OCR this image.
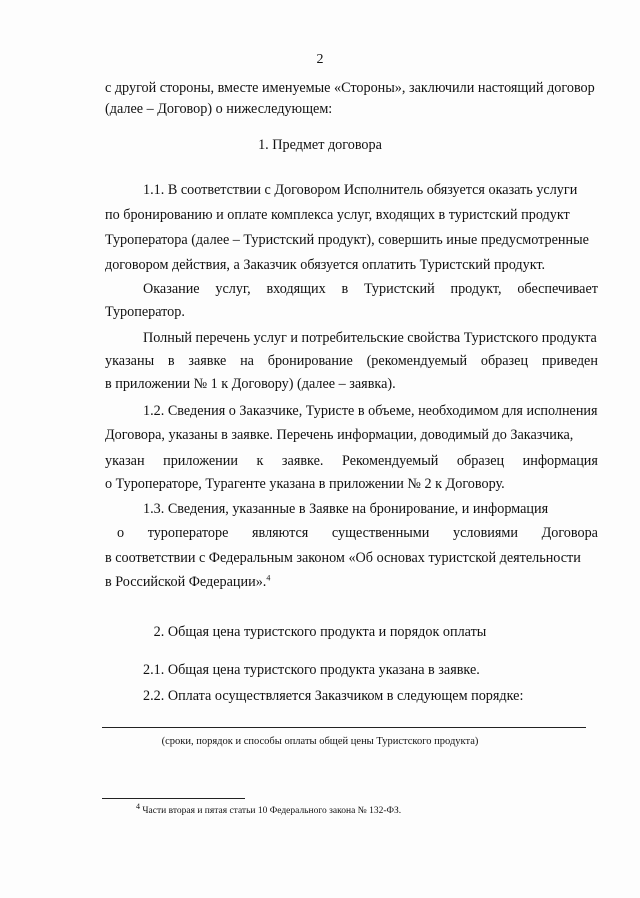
2
с другой стороны, вместе именуемые «Стороны», заключили настоящий договор
(далее – Договор) о нижеследующем:
1. Предмет договора
1.1. В соответствии с Договором Исполнитель обязуется оказать услуги
по бронированию и оплате комплекса услуг, входящих в туристский продукт
Туроператора (далее – Туристский продукт), совершить иные предусмотренные
договором действия, а Заказчик обязуется оплатить Туристский продукт.
Оказание услуг, входящих в Туристский продукт, обеспечивает
Туроператор.
Полный перечень услуг и потребительские свойства Туристского продукта
указаны в заявке на бронирование (рекомендуемый образец приведен
в приложении № 1 к Договору) (далее – заявка).
1.2. Сведения о Заказчике, Туристе в объеме, необходимом для исполнения
Договора, указаны в заявке. Перечень информации, доводимый до Заказчика,
указан приложении к заявке. Рекомендуемый образец информация
о Туроператоре, Турагенте указана в приложении № 2 к Договору.
1.3. Сведения, указанные в Заявке на бронирование, и информация
о туроператоре являются существенными условиями Договора
в соответствии с Федеральным законом «Об основах туристской деятельности
в Российской Федерации».$^4$
2. Общая цена туристского продукта и порядок оплаты
2.1. Общая цена туристского продукта указана в заявке.
2.2. Оплата осуществляется Заказчиком в следующем порядке:
(сроки, порядок и способы оплаты общей цены Туристского продукта)
$^4$ Части вторая и пятая статьи 10 Федерального закона № 132-ФЗ.
